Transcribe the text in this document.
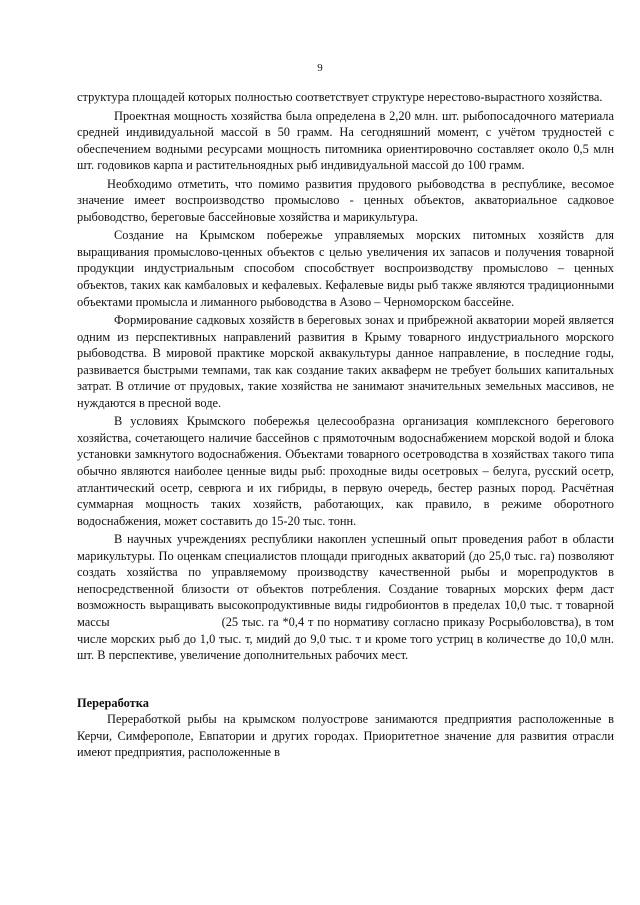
9

структура площадей которых полностью соответствует структуре нерестово-вырастного хозяйства.

Проектная мощность хозяйства была определена в 2,20 млн. шт. рыбопосадочного материала средней индивидуальной массой в 50 грамм. На сегодняшний момент, с учётом трудностей с обеспечением водными ресурсами мощность питомника ориентировочно составляет около 0,5 млн шт. годовиков карпа и растительноядных рыб индивидуальной массой до 100 грамм.

Необходимо отметить, что помимо развития прудового рыбоводства в республике, весомое значение имеет воспроизводство промыслово - ценных объектов, акваториальное садковое рыбоводство, береговые бассейновые хозяйства и марикультура.

Создание на Крымском побережье управляемых морских питомных хозяйств для выращивания промыслово-ценных объектов с целью увеличения их запасов и получения товарной продукции индустриальным способом способствует воспроизводству промыслово – ценных объектов, таких как камбаловых и кефалевых. Кефалевые виды рыб также являются традиционными объектами промысла и лиманного рыбоводства в Азово – Черноморском бассейне.

Формирование садковых хозяйств в береговых зонах и прибрежной акватории морей является одним из перспективных направлений развития в Крыму товарного индустриального морского рыбоводства. В мировой практике морской аквакультуры данное направление, в последние годы, развивается быстрыми темпами, так как создание таких акваферм не требует больших капитальных затрат. В отличие от прудовых, такие хозяйства не занимают значительных земельных массивов, не нуждаются в пресной воде.

В условиях Крымского побережья целесообразна организация комплексного берегового хозяйства, сочетающего наличие бассейнов с прямоточным водоснабжением морской водой и блока установки замкнутого водоснабжения. Объектами товарного осетроводства в хозяйствах такого типа обычно являются наиболее ценные виды рыб: проходные виды осетровых – белуга, русский осетр, атлантический осетр, севрюга и их гибриды, в первую очередь, бестер разных пород. Расчётная суммарная мощность таких хозяйств, работающих, как правило, в режиме оборотного водоснабжения, может составить до 15-20 тыс. тонн.

В научных учреждениях республики накоплен успешный опыт проведения работ в области марикультуры. По оценкам специалистов площади пригодных акваторий (до 25,0 тыс. га) позволяют создать хозяйства по управляемому производству качественной рыбы и морепродуктов в непосредственной близости от объектов потребления. Создание товарных морских ферм даст возможность выращивать высокопродуктивные виды гидробионтов в пределах 10,0 тыс. т товарной массы	(25 тыс. га *0,4 т по нормативу согласно приказу Росрыболовства), в том числе морских рыб до 1,0 тыс. т, мидий до 9,0 тыс. т и кроме того устриц в количестве до 10,0 млн. шт. В перспективе, увеличение дополнительных рабочих мест.

Переработка

Переработкой рыбы на крымском полуострове занимаются предприятия расположенные в Керчи, Симферополе, Евпатории и других городах. Приоритетное значение для развития отрасли имеют предприятия, расположенные в
